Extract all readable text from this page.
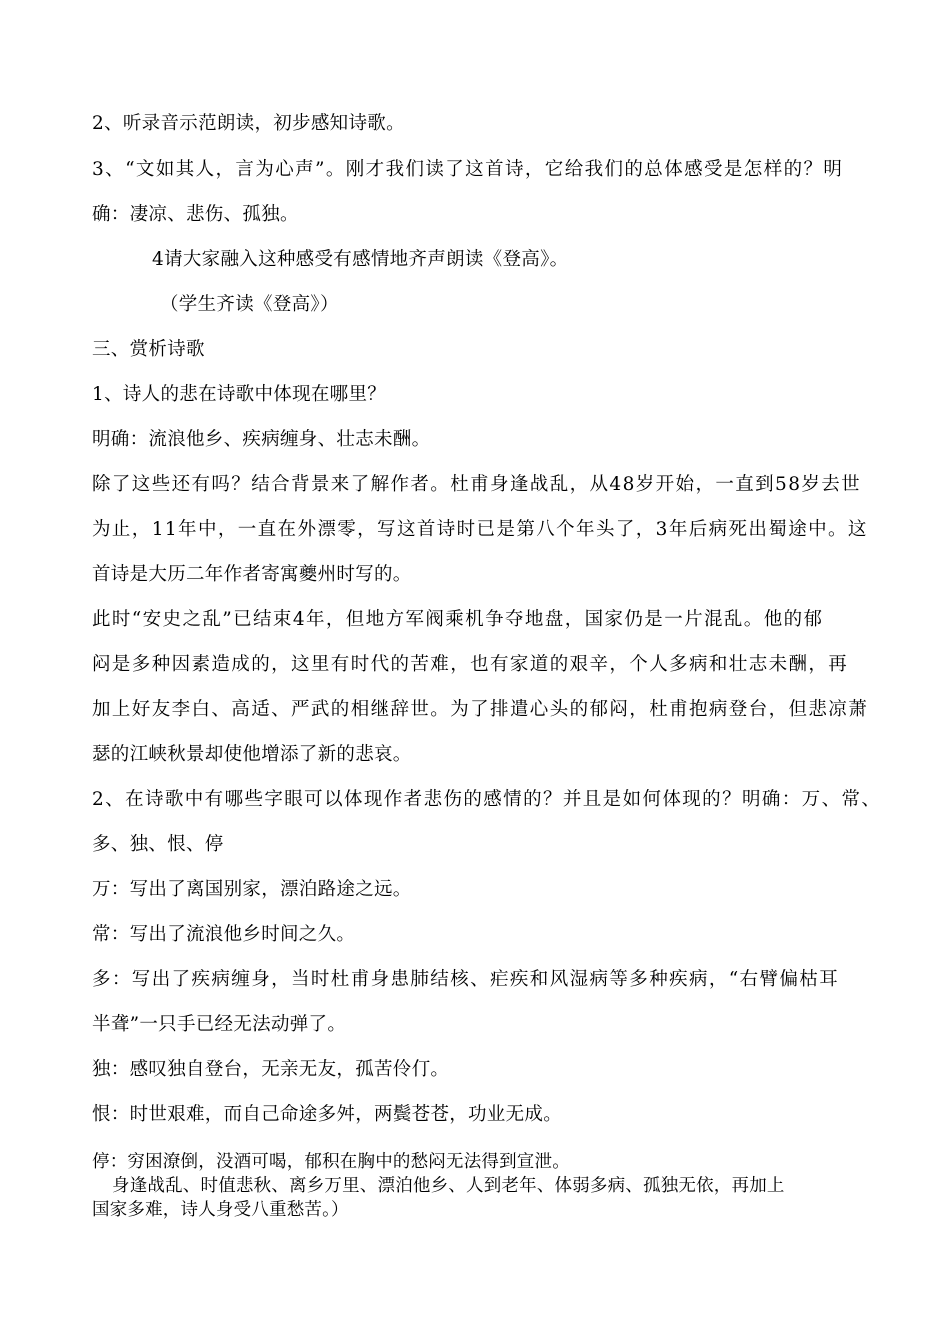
2、听录音示范朗读，初步感知诗歌。
3、“文如其人，言为心声”。刚才我们读了这首诗，它给我们的总体感受是怎样的？明
确：凄凉、悲伤、孤独。
4请大家融入这种感受有感情地齐声朗读《登高》。
（学生齐读《登高》）
三、赏析诗歌
1、诗人的悲在诗歌中体现在哪里？
明确：流浪他乡、疾病缠身、壮志未酬。
除了这些还有吗？结合背景来了解作者。杜甫身逢战乱，从48岁开始，一直到58岁去世
为止，11年中，一直在外漂零，写这首诗时已是第八个年头了，3年后病死出蜀途中。这
首诗是大历二年作者寄寓夔州时写的。
此时“安史之乱”已结束4年，但地方军阀乘机争夺地盘，国家仍是一片混乱。他的郁
闷是多种因素造成的，这里有时代的苦难，也有家道的艰辛，个人多病和壮志未酬，再
加上好友李白、高适、严武的相继辞世。为了排遣心头的郁闷，杜甫抱病登台，但悲凉萧
瑟的江峡秋景却使他增添了新的悲哀。
2、在诗歌中有哪些字眼可以体现作者悲伤的感情的？并且是如何体现的？明确：万、常、
多、独、恨、停
万：写出了离国别家，漂泊路途之远。
常：写出了流浪他乡时间之久。
多：写出了疾病缠身，当时杜甫身患肺结核、疟疾和风湿病等多种疾病，“右臂偏枯耳
半聋”一只手已经无法动弹了。
独：感叹独自登台，无亲无友，孤苦伶仃。
恨：时世艰难，而自己命途多舛，两鬓苍苍，功业无成。
停：穷困潦倒，没酒可喝，郁积在胸中的愁闷无法得到宣泄。
身逢战乱、时值悲秋、离乡万里、漂泊他乡、人到老年、体弱多病、孤独无依，再加上
国家多难，诗人身受八重愁苦。）
